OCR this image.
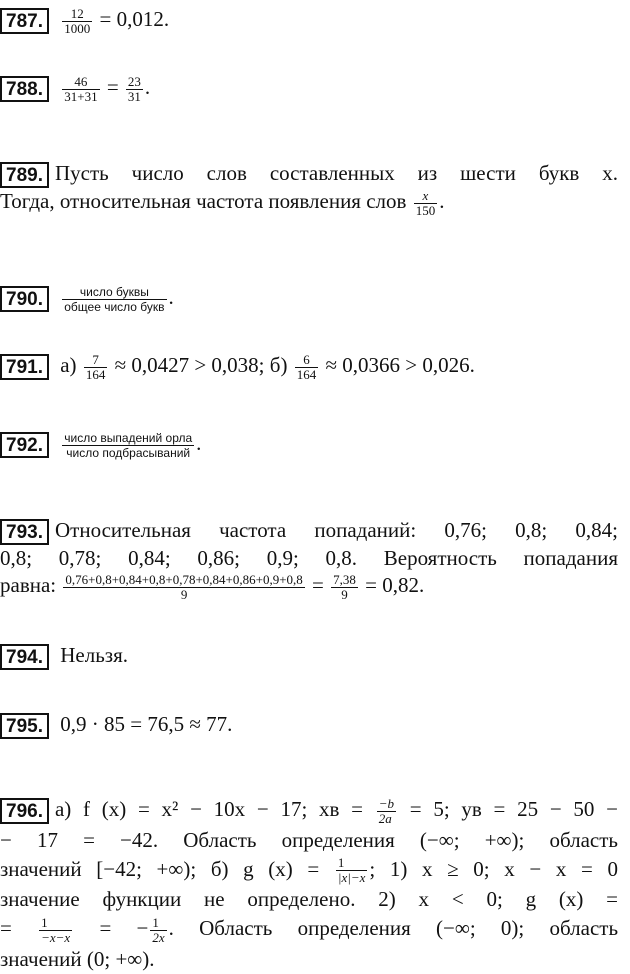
787. $\frac{12}{1000} = 0,012$.
788. $\frac{46}{31+31} = \frac{23}{31}$ .
789. Пусть число слов составленных из шести букв x.
Тогда, относительная частота появления слов $\frac{x}{150}$ .
790. $\frac{\text{число буквы}}{\text{общее число букв}}$ .
791. $а) \frac{7}{164} \approx 0,0427 > 0,038$; $б) \frac{6}{164} \approx 0,0366 > 0,026$.
792. $\frac{\text{число выпадений орла}}{\text{число подбрасываний}}$ .
793. Относительная частота попаданий: 0,76; 0,8; 0,84;
0,8; 0,78; 0,84; 0,86; 0,9; 0,8. Вероятность попадания
равна: $\frac{0,76+0,8+0,84+0,8+0,78+0,84+0,86+0,9+0,8}{9} = \frac{7,38}{9} = 0,82$.
794. Нельзя.
795. 0,9 · 85 = 76,5 ≈ 77.
796. а) f (x) = x² − 10x − 17; xв = $\frac{-b}{2a} = 5$; yв = 25 − 50 −
− 17 = −42. Область определения (−∞; +∞); область
значений [−42; +∞); б) g $(x) = \frac{1}{|x|-x}$ ; 1) x ≥ 0; x − x = 0
значение функции не определено. 2) x < 0; g (x) =
= $\frac{1}{-x-x}$ = − $\frac{1}{2x}$ . Область определения (−∞; 0); область
значений (0; +∞).
